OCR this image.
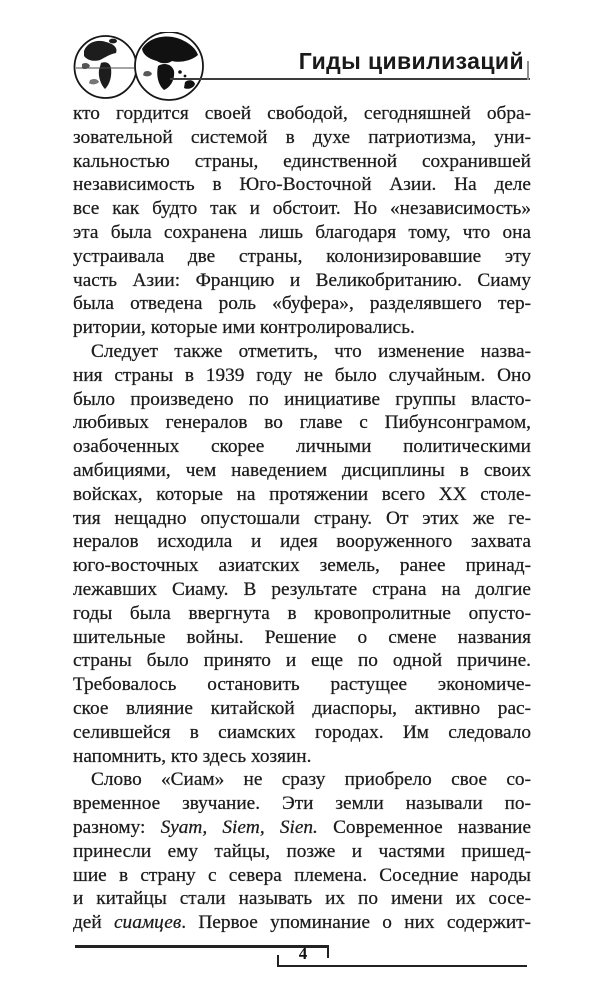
Гиды цивилизаций
кто гордится своей свободой, сегодняшней обра-
зовательной системой в духе патриотизма, уни-
кальностью страны, единственной сохранившей
независимость в Юго-Восточной Азии. На деле
все как будто так и обстоит. Но «независимость»
эта была сохранена лишь благодаря тому, что она
устраивала две страны, колонизировавшие эту
часть Азии: Францию и Великобританию. Сиаму
была отведена роль «буфера», разделявшего тер-
ритории, которые ими контролировались.
Следует также отметить, что изменение назва-
ния страны в 1939 году не было случайным. Оно
было произведено по инициативе группы власто-
любивых генералов во главе с Пибунсонграмом,
озабоченных скорее личными политическими
амбициями, чем наведением дисциплины в своих
войсках, которые на протяжении всего XX столе-
тия нещадно опустошали страну. От этих же ге-
нералов исходила и идея вооруженного захвата
юго-восточных азиатских земель, ранее принад-
лежавших Сиаму. В результате страна на долгие
годы была ввергнута в кровопролитные опусто-
шительные войны. Решение о смене названия
страны было принято и еще по одной причине.
Требовалось остановить растущее экономиче-
ское влияние китайской диаспоры, активно рас-
селившейся в сиамских городах. Им следовало
напомнить, кто здесь хозяин.
Слово «Сиам» не сразу приобрело свое со-
временное звучание. Эти земли называли по-
разному: Syam, Siem, Sien. Современное название
принесли ему тайцы, позже и частями пришед-
шие в страну с севера племена. Соседние народы
и китайцы стали называть их по имени их сосе-
дей сиамцев. Первое упоминание о них содержит-
4
